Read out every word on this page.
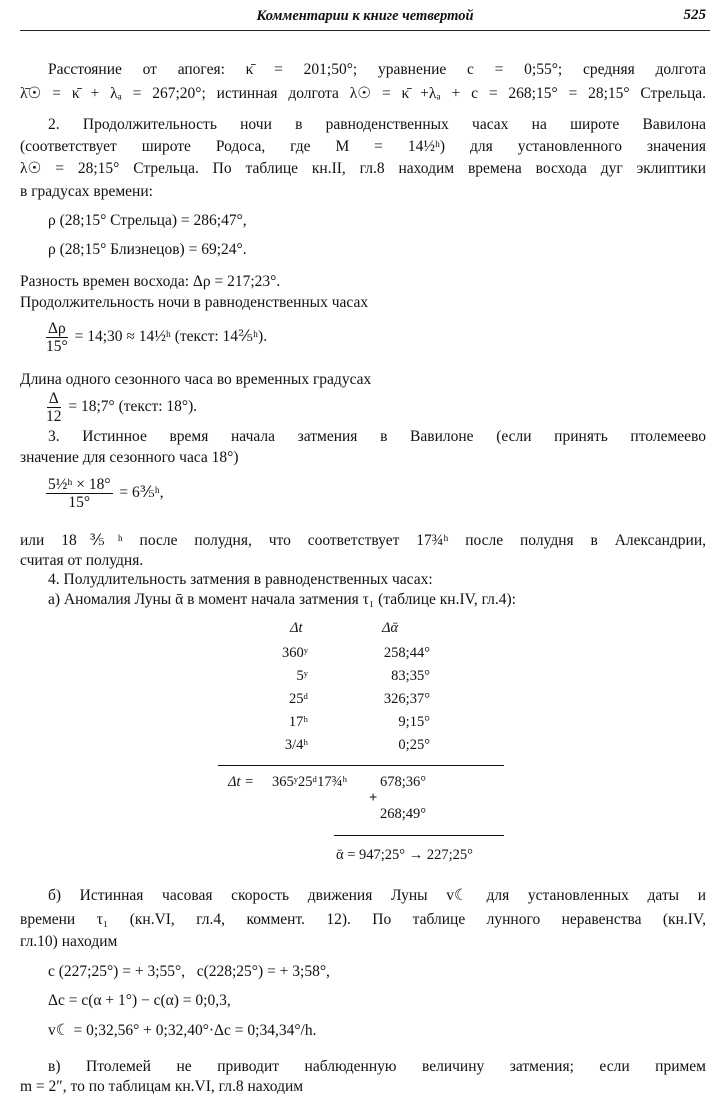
Комментарии к книге четвертой	525
Расстояние от апогея: κ̄ = 201;50°; уравнение c = 0;55°; средняя долгота
λ̄☉ = κ̄ + λₐ = 267;20°; истинная долгота λ☉ = κ̄ +λₐ + c = 268;15° = 28;15° Стрельца.
2. Продолжительность ночи в равноденственных часах на широте Вавилона
(соответствует широте Родоса, где M = 14½ʰ) для установленного значения
λ☉ = 28;15° Стрельца. По таблице кн.II, гл.8 находим времена восхода дуг эклиптики
в градусах времени:
ρ (28;15° Стрельца) = 286;47°,
ρ (28;15° Близнецов) = 69;24°.
Разность времен восхода: Δρ = 217;23°.
Продолжительность ночи в равноденственных часах
$\frac{\Delta\rho}{15^\circ}$ = 14;30 ≈ 14½ʰ (текст: 14⅖ʰ).
Длина одного сезонного часа во временных градусах
$\frac{\Delta}{12}$ = 18;7° (текст: 18°).
3. Истинное время начала затмения в Вавилоне (если принять птолемеево
значение для сезонного часа 18°)
$\frac{\text{5½ʰ × 18°}}{15^\circ}$ = 6⅗ʰ,
или 18⅗ʰ после полудня, что соответствует 17¾ʰ после полудня в Александрии,
считая от полудня.
4. Полудлительность затмения в равноденственных часах:
а) Аномалия Луны ᾱ в момент начала затмения τ₁ (таблице кн.IV, гл.4):
Δt	Δᾱ
360ʸ	258;44°
5ʸ	83;35°
25ᵈ	326;37°
17ʰ	9;15°
3/4ʰ	0;25°
Δt = 365ʸ25ᵈ17¾ʰ 678;36°
+
268;49°
ᾱ = 947;25° → 227;25°
б) Истинная часовая скорость движения Луны v☾ для установленных даты и
времени τ₁ (кн.VI, гл.4, коммент. 12). По таблице лунного неравенства (кн.IV,
гл.10) находим
c (227;25°) = + 3;55°,   c(228;25°) = + 3;58°,
Δc = c(α + 1°) − c(α) = 0;0,3,
v☾ = 0;32,56° + 0;32,40°·Δc = 0;34,34°/h.
в) Птолемей не приводит наблюденную величину затмения; если примем
m = 2″, то по таблицам кн.VI, гл.8 находим
